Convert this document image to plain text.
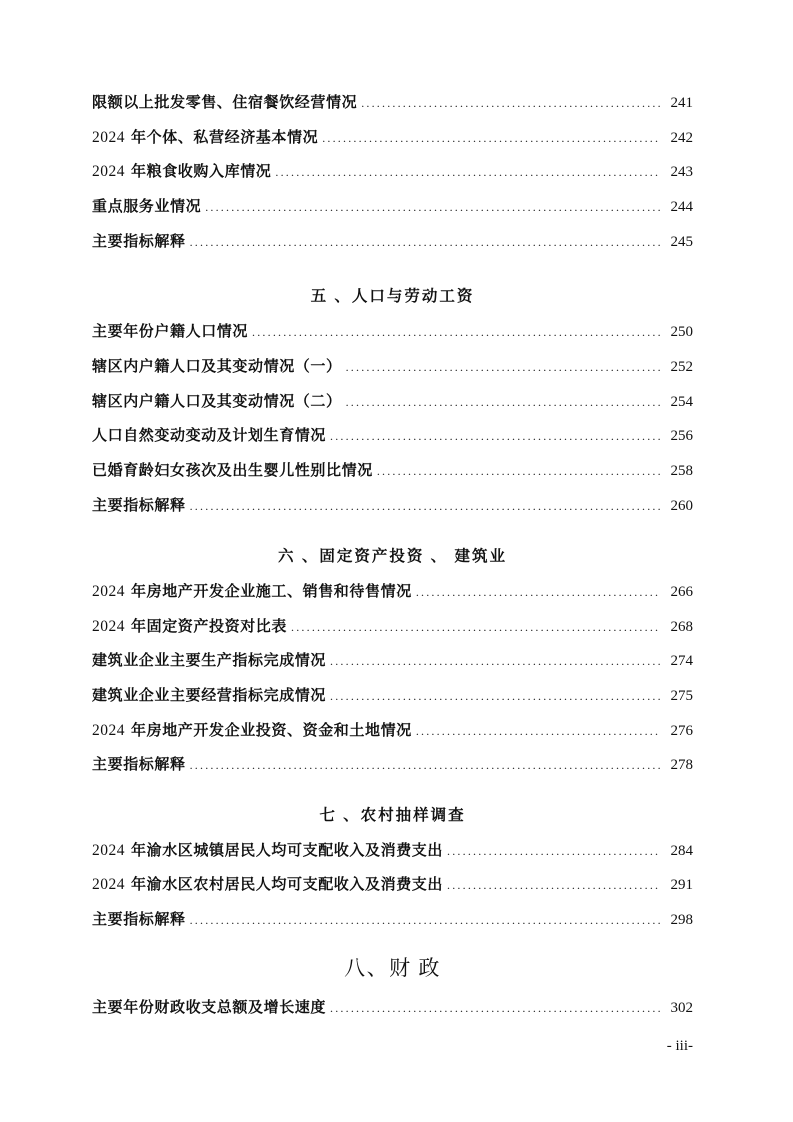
限额以上批发零售、住宿餐饮经营情况 .....	241
2024 年个体、私营经济基本情况 .....	242
2024 年粮食收购入库情况 .....	243
重点服务业情况 .....	244
主要指标解释 .....	245
五 、人口与劳动工资
主要年份户籍人口情况 .....	250
辖区内户籍人口及其变动情况（一） .....	252
辖区内户籍人口及其变动情况（二） .....	254
人口自然变动变动及计划生育情况 .....	256
已婚育龄妇女孩次及出生婴儿性别比情况 .....	258
主要指标解释 .....	260
六 、固定资产投资 、 建筑业
2024 年房地产开发企业施工、销售和待售情况 .....	266
2024 年固定资产投资对比表 .....	268
建筑业企业主要生产指标完成情况 .....	274
建筑业企业主要经营指标完成情况 .....	275
2024 年房地产开发企业投资、资金和土地情况 .....	276
主要指标解释 .....	278
七 、农村抽样调查
2024 年渝水区城镇居民人均可支配收入及消费支出 .....	284
2024 年渝水区农村居民人均可支配收入及消费支出 .....	291
主要指标解释 .....	298
八、财 政
主要年份财政收支总额及增长速度 .....	302
- iii-
